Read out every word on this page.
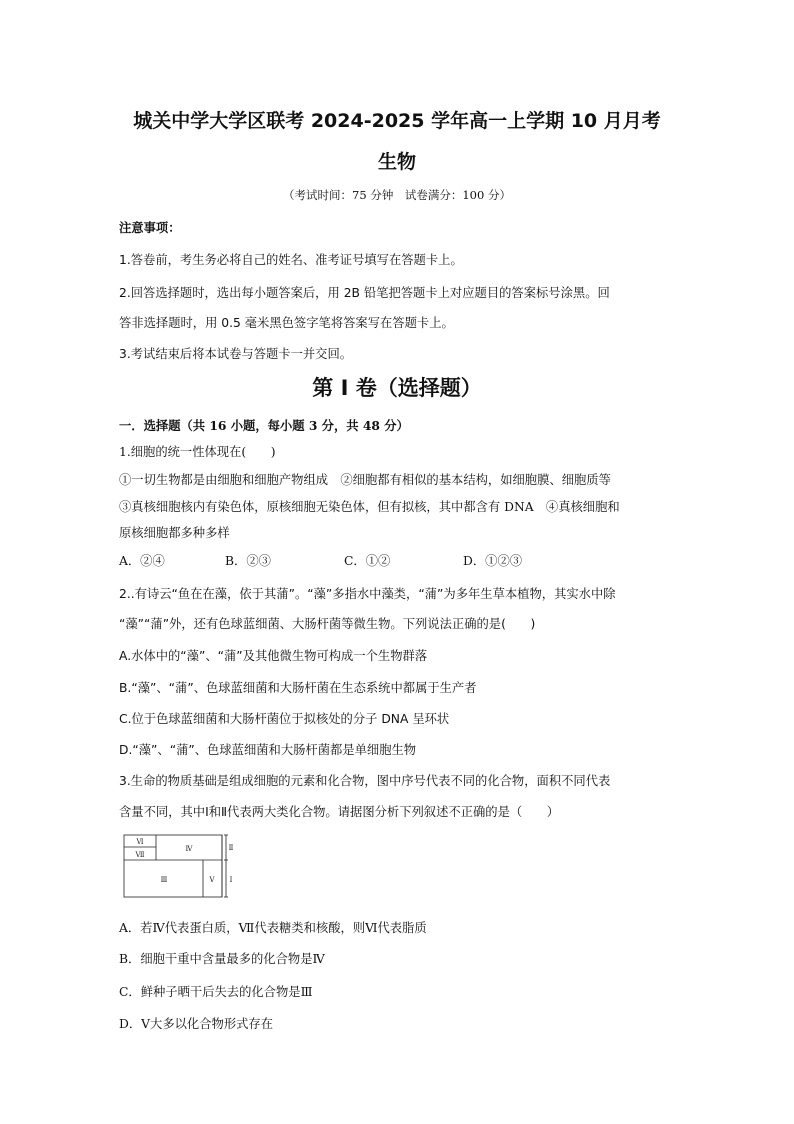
城关中学大学区联考 2024-2025 学年高一上学期 10 月月考
生物
（考试时间：75 分钟　试卷满分：100 分）
注意事项：
1.答卷前，考生务必将自己的姓名、准考证号填写在答题卡上。
2.回答选择题时，选出每小题答案后，用 2B 铅笔把答题卡上对应题目的答案标号涂黑。回
答非选择题时，用 0.5 毫米黑色签字笔将答案写在答题卡上。
3.考试结束后将本试卷与答题卡一并交回。
第 I 卷（选择题）
一．选择题（共 16 小题，每小题 3 分，共 48 分）
1.细胞的统一性体现在(　　)
①一切生物都是由细胞和细胞产物组成　②细胞都有相似的基本结构，如细胞膜、细胞质等
③真核细胞核内有染色体，原核细胞无染色体，但有拟核，其中都含有 DNA　④真核细胞和
原核细胞都多种多样
A．②④	B．②③	C．①②	D．①②③
2..有诗云“鱼在在藻，依于其蒲”。“藻”多指水中藻类，“蒲”为多年生草本植物，其实水中除
“藻”“蒲”外，还有色球蓝细菌、大肠杆菌等微生物。下列说法正确的是(　　)
A.水体中的“藻”、“蒲”及其他微生物可构成一个生物群落
B.“藻”、“蒲”、色球蓝细菌和大肠杆菌在生态系统中都属于生产者
C.位于色球蓝细菌和大肠杆菌位于拟核处的分子 DNA 呈环状
D.“藻”、“蒲”、色球蓝细菌和大肠杆菌都是单细胞生物
3.生命的物质基础是组成细胞的元素和化合物，图中序号代表不同的化合物，面积不同代表
含量不同，其中Ⅰ和Ⅱ代表两大类化合物。请据图分析下列叙述不正确的是（　　）
Ⅵ
Ⅶ
Ⅳ
Ⅲ	Ⅴ
Ⅱ
Ⅰ
A．若Ⅳ代表蛋白质，Ⅶ代表糖类和核酸，则Ⅵ代表脂质
B．细胞干重中含量最多的化合物是Ⅳ
C．鲜种子晒干后失去的化合物是Ⅲ
D．Ⅴ大多以化合物形式存在
